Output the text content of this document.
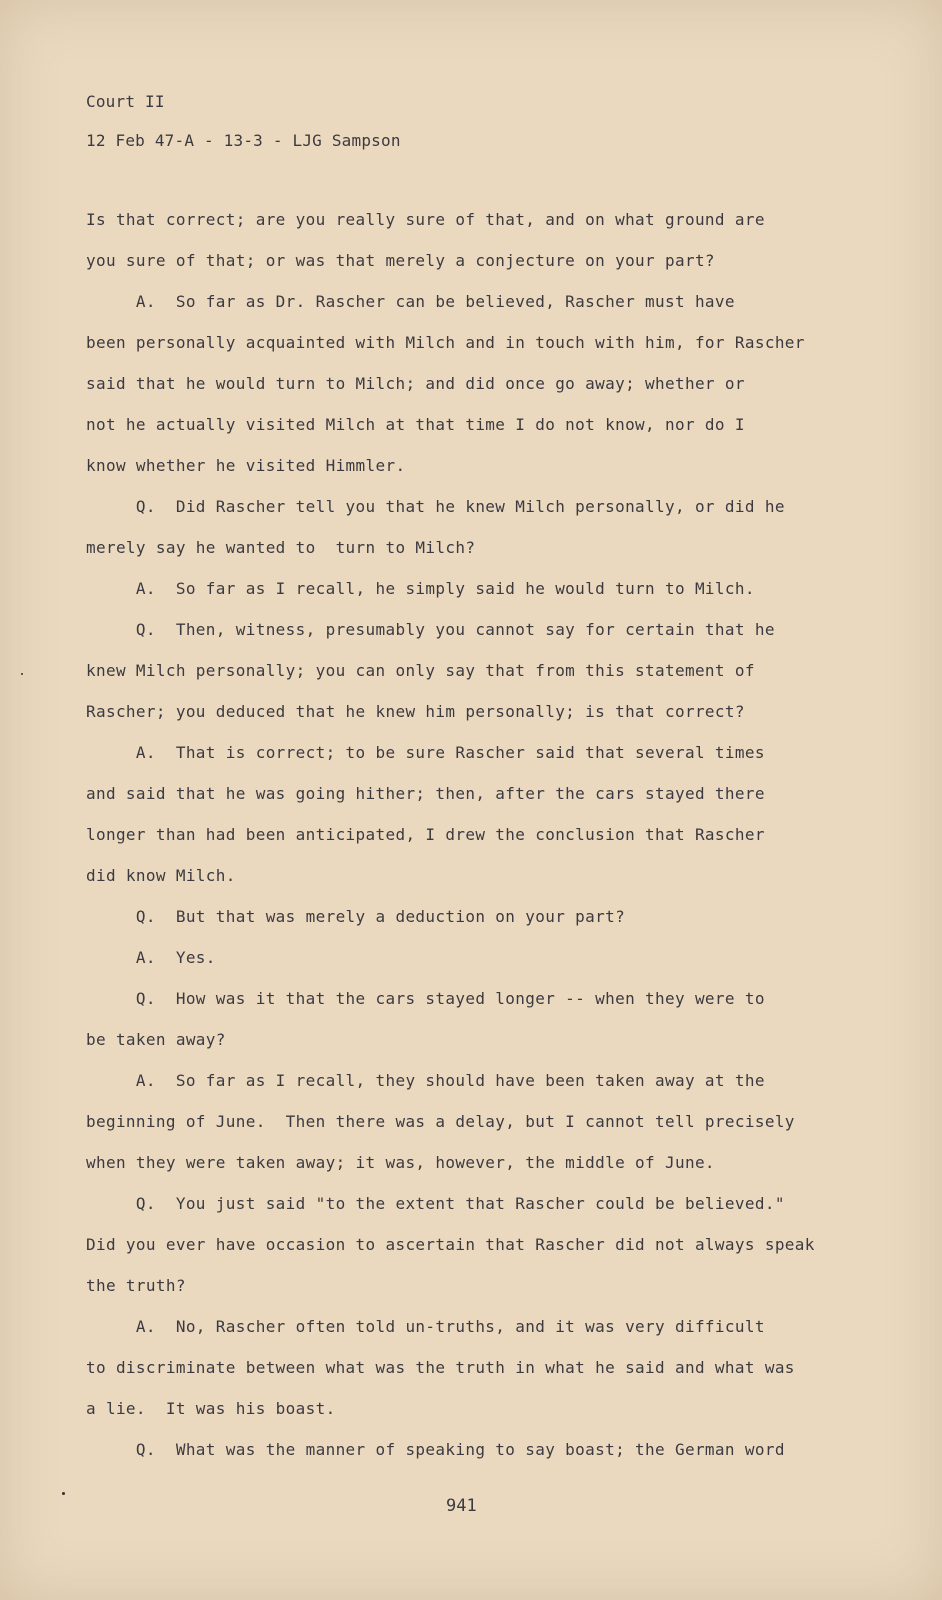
Court II
12 Feb 47-A - 13-3 - LJG Sampson
Is that correct; are you really sure of that, and on what ground are
you sure of that; or was that merely a conjecture on your part?
A.  So far as Dr. Rascher can be believed, Rascher must have
been personally acquainted with Milch and in touch with him, for Rascher
said that he would turn to Milch; and did once go away; whether or
not he actually visited Milch at that time I do not know, nor do I
know whether he visited Himmler.
Q.  Did Rascher tell you that he knew Milch personally, or did he
merely say he wanted to  turn to Milch?
A.  So far as I recall, he simply said he would turn to Milch.
Q.  Then, witness, presumably you cannot say for certain that he
knew Milch personally; you can only say that from this statement of
Rascher; you deduced that he knew him personally; is that correct?
A.  That is correct; to be sure Rascher said that several times
and said that he was going hither; then, after the cars stayed there
longer than had been anticipated, I drew the conclusion that Rascher
did know Milch.
Q.  But that was merely a deduction on your part?
A.  Yes.
Q.  How was it that the cars stayed longer -- when they were to
be taken away?
A.  So far as I recall, they should have been taken away at the
beginning of June.  Then there was a delay, but I cannot tell precisely
when they were taken away; it was, however, the middle of June.
Q.  You just said "to the extent that Rascher could be believed."
Did you ever have occasion to ascertain that Rascher did not always speak
the truth?
A.  No, Rascher often told un-truths, and it was very difficult
to discriminate between what was the truth in what he said and what was
a lie.  It was his boast.
Q.  What was the manner of speaking to say boast; the German word
941
